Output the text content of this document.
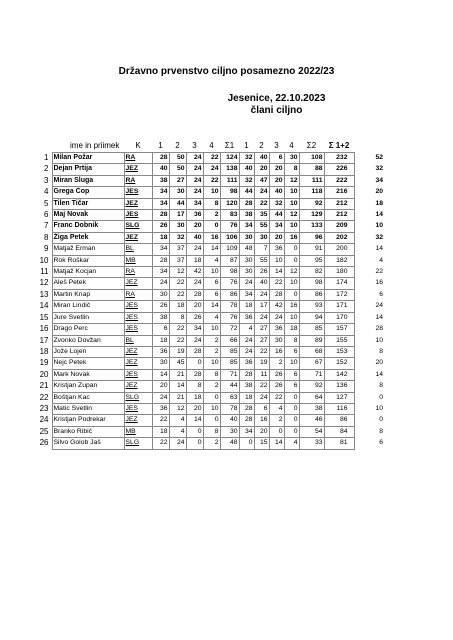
Državno prvenstvo ciljno posamezno 2022/23
Jesenice, 22.10.2023
člani ciljno
	ime in priimek	K	1	2	3	4	Σ1	1	2	3	4	Σ2	Σ 1+2	
1	Milan Požar	RA	28	50	24	22	124	32	40	6	30	108	232	52
2	Dejan Prtija	JEZ	40	50	24	24	138	40	20	20	8	88	226	32
3	Miran Sluga	RA	38	27	24	22	111	32	47	20	12	111	222	34
4	Grega Čop	JES	34	30	24	10	98	44	24	40	10	118	216	20
5	Tilen Tičar	JEZ	34	44	34	8	120	28	22	32	10	92	212	18
6	Maj Novak	JES	28	17	36	2	83	38	35	44	12	129	212	14
7	Franc Dobnik	SLG	26	30	20	0	76	34	55	34	10	133	209	10
8	Žiga Petek	JEZ	18	32	40	16	106	30	30	20	16	96	202	32
9	Matjaž Erman	BL	34	37	24	14	109	48	7	36	0	91	200	14
10	Rok Roškar	MB	28	37	18	4	87	30	55	10	0	95	182	4
11	Matjaž Kocjan	RA	34	12	42	10	98	30	26	14	12	82	180	22
12	Aleš Petek	JEZ	24	22	24	6	76	24	40	22	10	98	174	16
13	Martin Knap	RA	30	22	28	6	86	34	24	28	0	86	172	6
14	Miran Lindič	JES	26	18	20	14	78	18	17	42	16	93	171	24
15	Jure Svetlin	JES	38	8	26	4	76	36	24	24	10	94	170	14
16	Drago Perc	JES	6	22	34	10	72	4	27	36	18	85	157	28
17	Zvonko Dovžan	BL	18	22	24	2	66	24	27	30	8	89	155	10
18	Jože Lojen	JEZ	36	19	28	2	85	24	22	16	6	68	153	8
19	Nejc Petek	JEZ	30	45	0	10	85	36	19	2	10	67	152	20
20	Mark Novak	JES	14	21	28	8	71	28	11	26	6	71	142	14
21	Kristjan Zupan	JEZ	20	14	8	2	44	38	22	26	6	92	136	8
22	Boštjan Kac	SLG	24	21	18	0	63	18	24	22	0	64	127	0
23	Matic Svetlin	JES	36	12	20	10	78	28	6	4	0	38	116	10
24	Kristjan Podrekar	JEZ	22	4	14	0	40	28	16	2	0	46	86	0
25	Branko Ribič	MB	18	4	0	8	30	34	20	0	0	54	84	8
26	Silvo Golob Jaš	SLG	22	24	0	2	48	0	15	14	4	33	81	6
